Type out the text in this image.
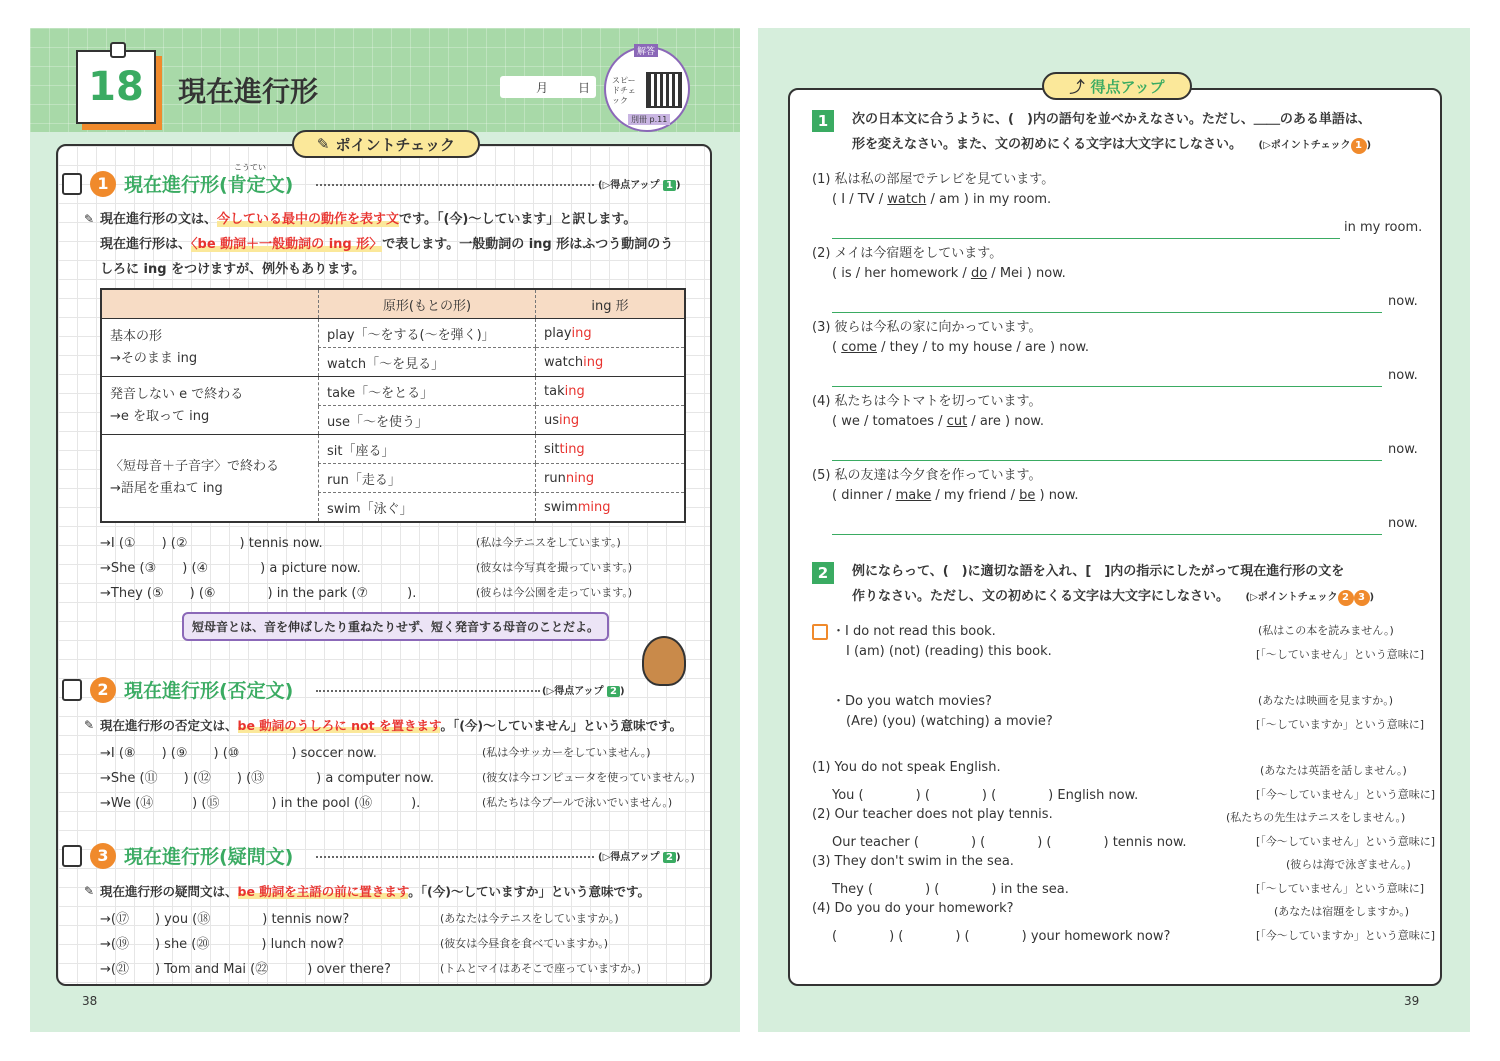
18 現在進行形	月 日
解答
スピードチェック
別冊 p.11
1 現在進行形(肯定文)
こうてい
(▷得点アップ 1 )
✎ 現在進行形の文は、今している最中の動作を表す文です。「(今)〜しています」と訳します。
現在進行形は、〈be 動詞＋一般動詞の ing 形〉で表します。一般動詞の ing 形はふつう動詞のう
しろに ing をつけますが、例外もあります。
	原形(もとの形)	ing 形
基本の形
→そのまま ing	play「〜をする(〜を弾く)」	playing
	watch「〜を見る」	watching
発音しない e で終わる
→e を取って ing	take「〜をとる」	taking
	use「〜を使う」	using
〈短母音＋子音字〉で終わる
→語尾を重ねて ing	sit「座る」	sitting
	run「走る」	running
	swim「泳ぐ」	swimming
→I (①　　) (②　　　　) tennis now.	(私は今テニスをしています。)
→She (③　　) (④　　　　) a picture now.	(彼女は今写真を撮っています。)
→They (⑤　　) (⑥　　　　) in the park (⑦　　　).	(彼らは今公園を走っています。)
短母音とは、音を伸ばしたり重ねたりせず、短く発音する母音のことだよ。
2 現在進行形(否定文)	(▷得点アップ 2 )
✎ 現在進行形の否定文は、be 動詞のうしろに not を置きます。「(今)〜していません」という意味です。
→I (⑧　　) (⑨　　) (⑩　　　　) soccer now.	(私は今サッカーをしていません。)
→She (⑪　　) (⑫　　) (⑬　　　　) a computer now.	(彼女は今コンピュータを使っていません。)
→We (⑭　　　) (⑮　　　　) in the pool (⑯　　　).	(私たちは今プールで泳いでいません。)
3 現在進行形(疑問文)	(▷得点アップ 2 )
✎ 現在進行形の疑問文は、be 動詞を主語の前に置きます。「(今)〜していますか」という意味です。
→(⑰　　) you (⑱　　　　) tennis now?	(あなたは今テニスをしていますか。)
→(⑲　　) she (⑳　　　　) lunch now?	(彼女は今昼食を食べていますか。)
→(㉑　　) Tom and Mai (㉒　　　) over there?	(トムとマイはあそこで座っていますか。)
✎ ポイントチェック
38
1	次の日本文に合うように、(　)内の語句を並べかえなさい。ただし、＿＿のある単語は、
形を変えなさい。また、文の初めにくる文字は大文字にしなさい。 (▷ポイントチェック 1 )
(1) 私は私の部屋でテレビを見ています。
( I / TV / watch / am ) in my room.
in my room.
(2) メイは今宿題をしています。
( is / her homework / do / Mei ) now.
now.
(3) 彼らは今私の家に向かっています。
( come / they / to my house / are ) now.
now.
(4) 私たちは今トマトを切っています。
( we / tomatoes / cut / are ) now.
now.
(5) 私の友達は今夕食を作っています。
( dinner / make / my friend / be ) now.
now.
2	例にならって、(　)に適切な語を入れ、[　]内の指示にしたがって現在進行形の文を
作りなさい。ただし、文の初めにくる文字は大文字にしなさい。 (▷ポイントチェック 2 3 )
・I do not read this book.	(私はこの本を読みません。)
I (am) (not) (reading) this book.	[「〜していません」という意味に]
・Do you watch movies?	(あなたは映画を見ますか。)
(Are) (you) (watching) a movie?	[「〜していますか」という意味に]
(1) You do not speak English.	(あなたは英語を話しません。)
You (　　　　) (　　　　) (　　　　) English now.	[「今〜していません」という意味に]
(2) Our teacher does not play tennis.	(私たちの先生はテニスをしません。)
Our teacher (　　　　) (　　　　) (　　　　) tennis now.	[「今〜していません」という意味に]
(3) They don't swim in the sea.	(彼らは海で泳ぎません。)
They (　　　　) (　　　　) in the sea.	[「〜していません」という意味に]
(4) Do you do your homework?	(あなたは宿題をしますか。)
(　　　　) (　　　　) (　　　　) your homework now?	[「今〜していますか」という意味に]
⤴ 得点アップ
39
